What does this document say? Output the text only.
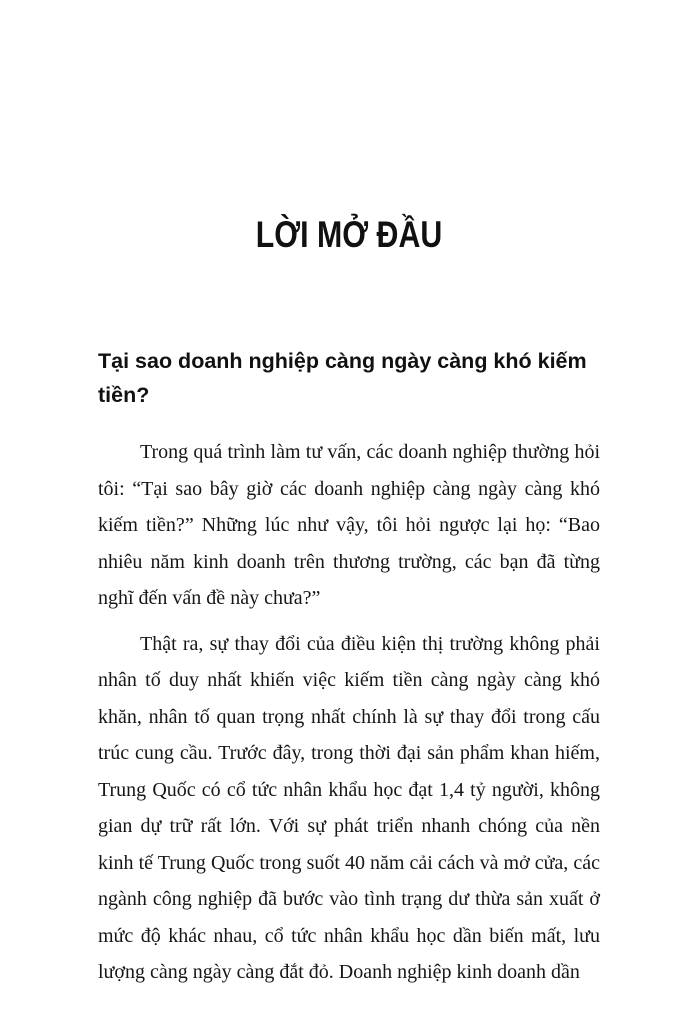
LỜI MỞ ĐẦU
Tại sao doanh nghiệp càng ngày càng khó kiếm tiền?

Trong quá trình làm tư vấn, các doanh nghiệp thường hỏi tôi: “Tại sao bây giờ các doanh nghiệp càng ngày càng khó kiếm tiền?” Những lúc như vậy, tôi hỏi ngược lại họ: “Bao nhiêu năm kinh doanh trên thương trường, các bạn đã từng nghĩ đến vấn đề này chưa?”

Thật ra, sự thay đổi của điều kiện thị trường không phải nhân tố duy nhất khiến việc kiếm tiền càng ngày càng khó khăn, nhân tố quan trọng nhất chính là sự thay đổi trong cấu trúc cung cầu. Trước đây, trong thời đại sản phẩm khan hiếm, Trung Quốc có cổ tức nhân khẩu học đạt 1,4 tỷ người, không gian dự trữ rất lớn. Với sự phát triển nhanh chóng của nền kinh tế Trung Quốc trong suốt 40 năm cải cách và mở cửa, các ngành công nghiệp đã bước vào tình trạng dư thừa sản xuất ở mức độ khác nhau, cổ tức nhân khẩu học dần biến mất, lưu lượng càng ngày càng đắt đỏ. Doanh nghiệp kinh doanh dần
